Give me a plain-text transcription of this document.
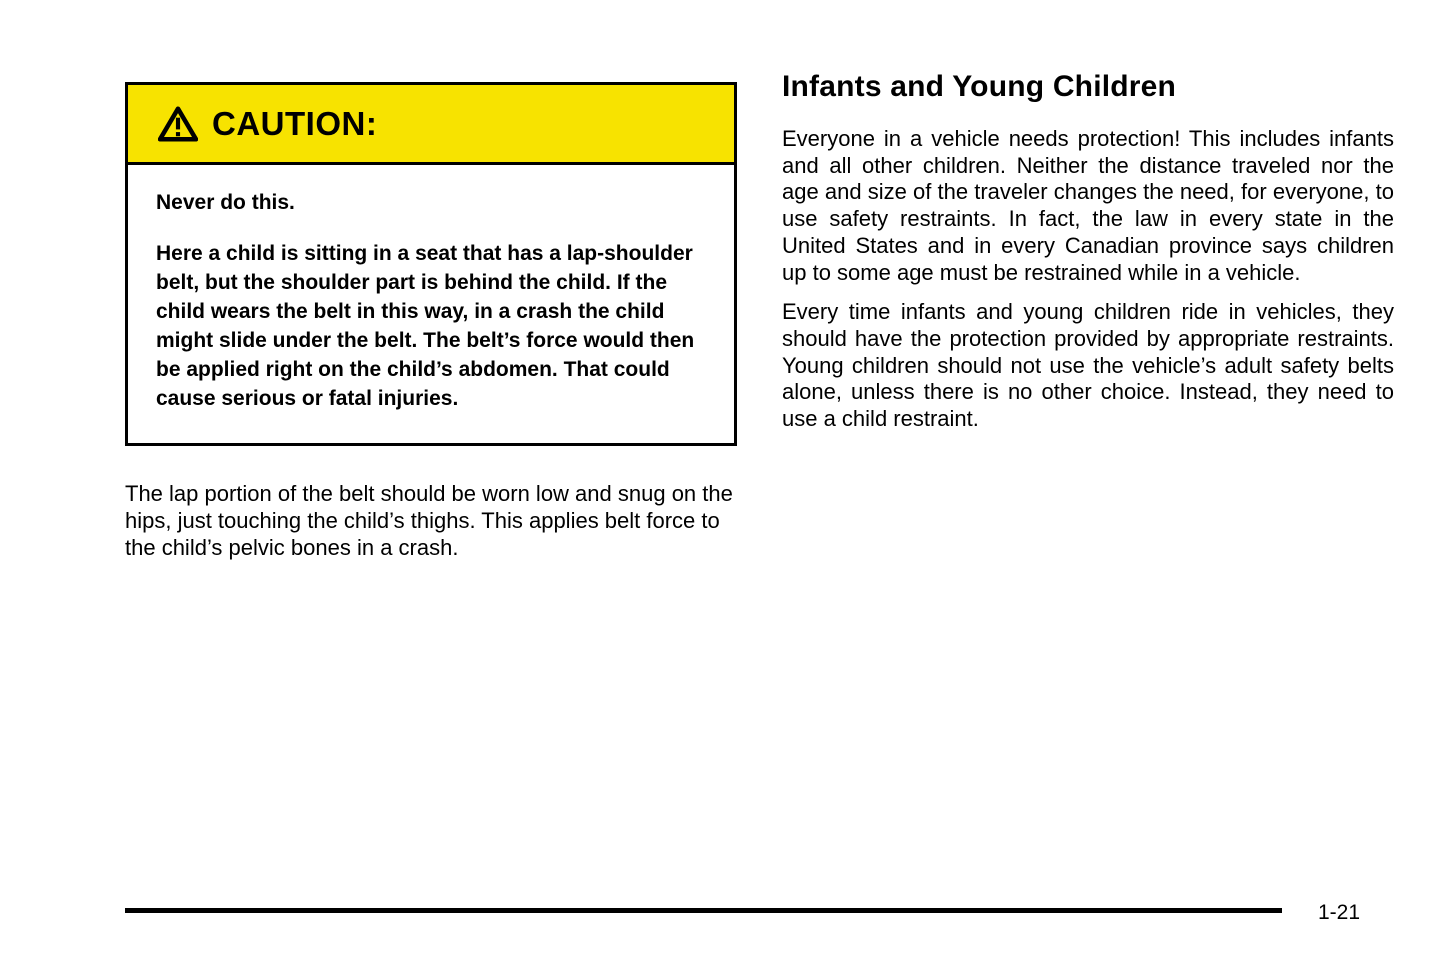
CAUTION:
Never do this.
Here a child is sitting in a seat that has a lap-shoulder belt, but the shoulder part is behind the child. If the child wears the belt in this way, in a crash the child might slide under the belt. The belt’s force would then be applied right on the child’s abdomen. That could cause serious or fatal injuries.
The lap portion of the belt should be worn low and snug on the hips, just touching the child’s thighs. This applies belt force to the child’s pelvic bones in a crash.
Infants and Young Children

Everyone in a vehicle needs protection! This includes infants and all other children. Neither the distance traveled nor the age and size of the traveler changes the need, for everyone, to use safety restraints. In fact, the law in every state in the United States and in every Canadian province says children up to some age must be restrained while in a vehicle.

Every time infants and young children ride in vehicles, they should have the protection provided by appropriate restraints. Young children should not use the vehicle’s adult safety belts alone, unless there is no other choice. Instead, they need to use a child restraint.

1-21
